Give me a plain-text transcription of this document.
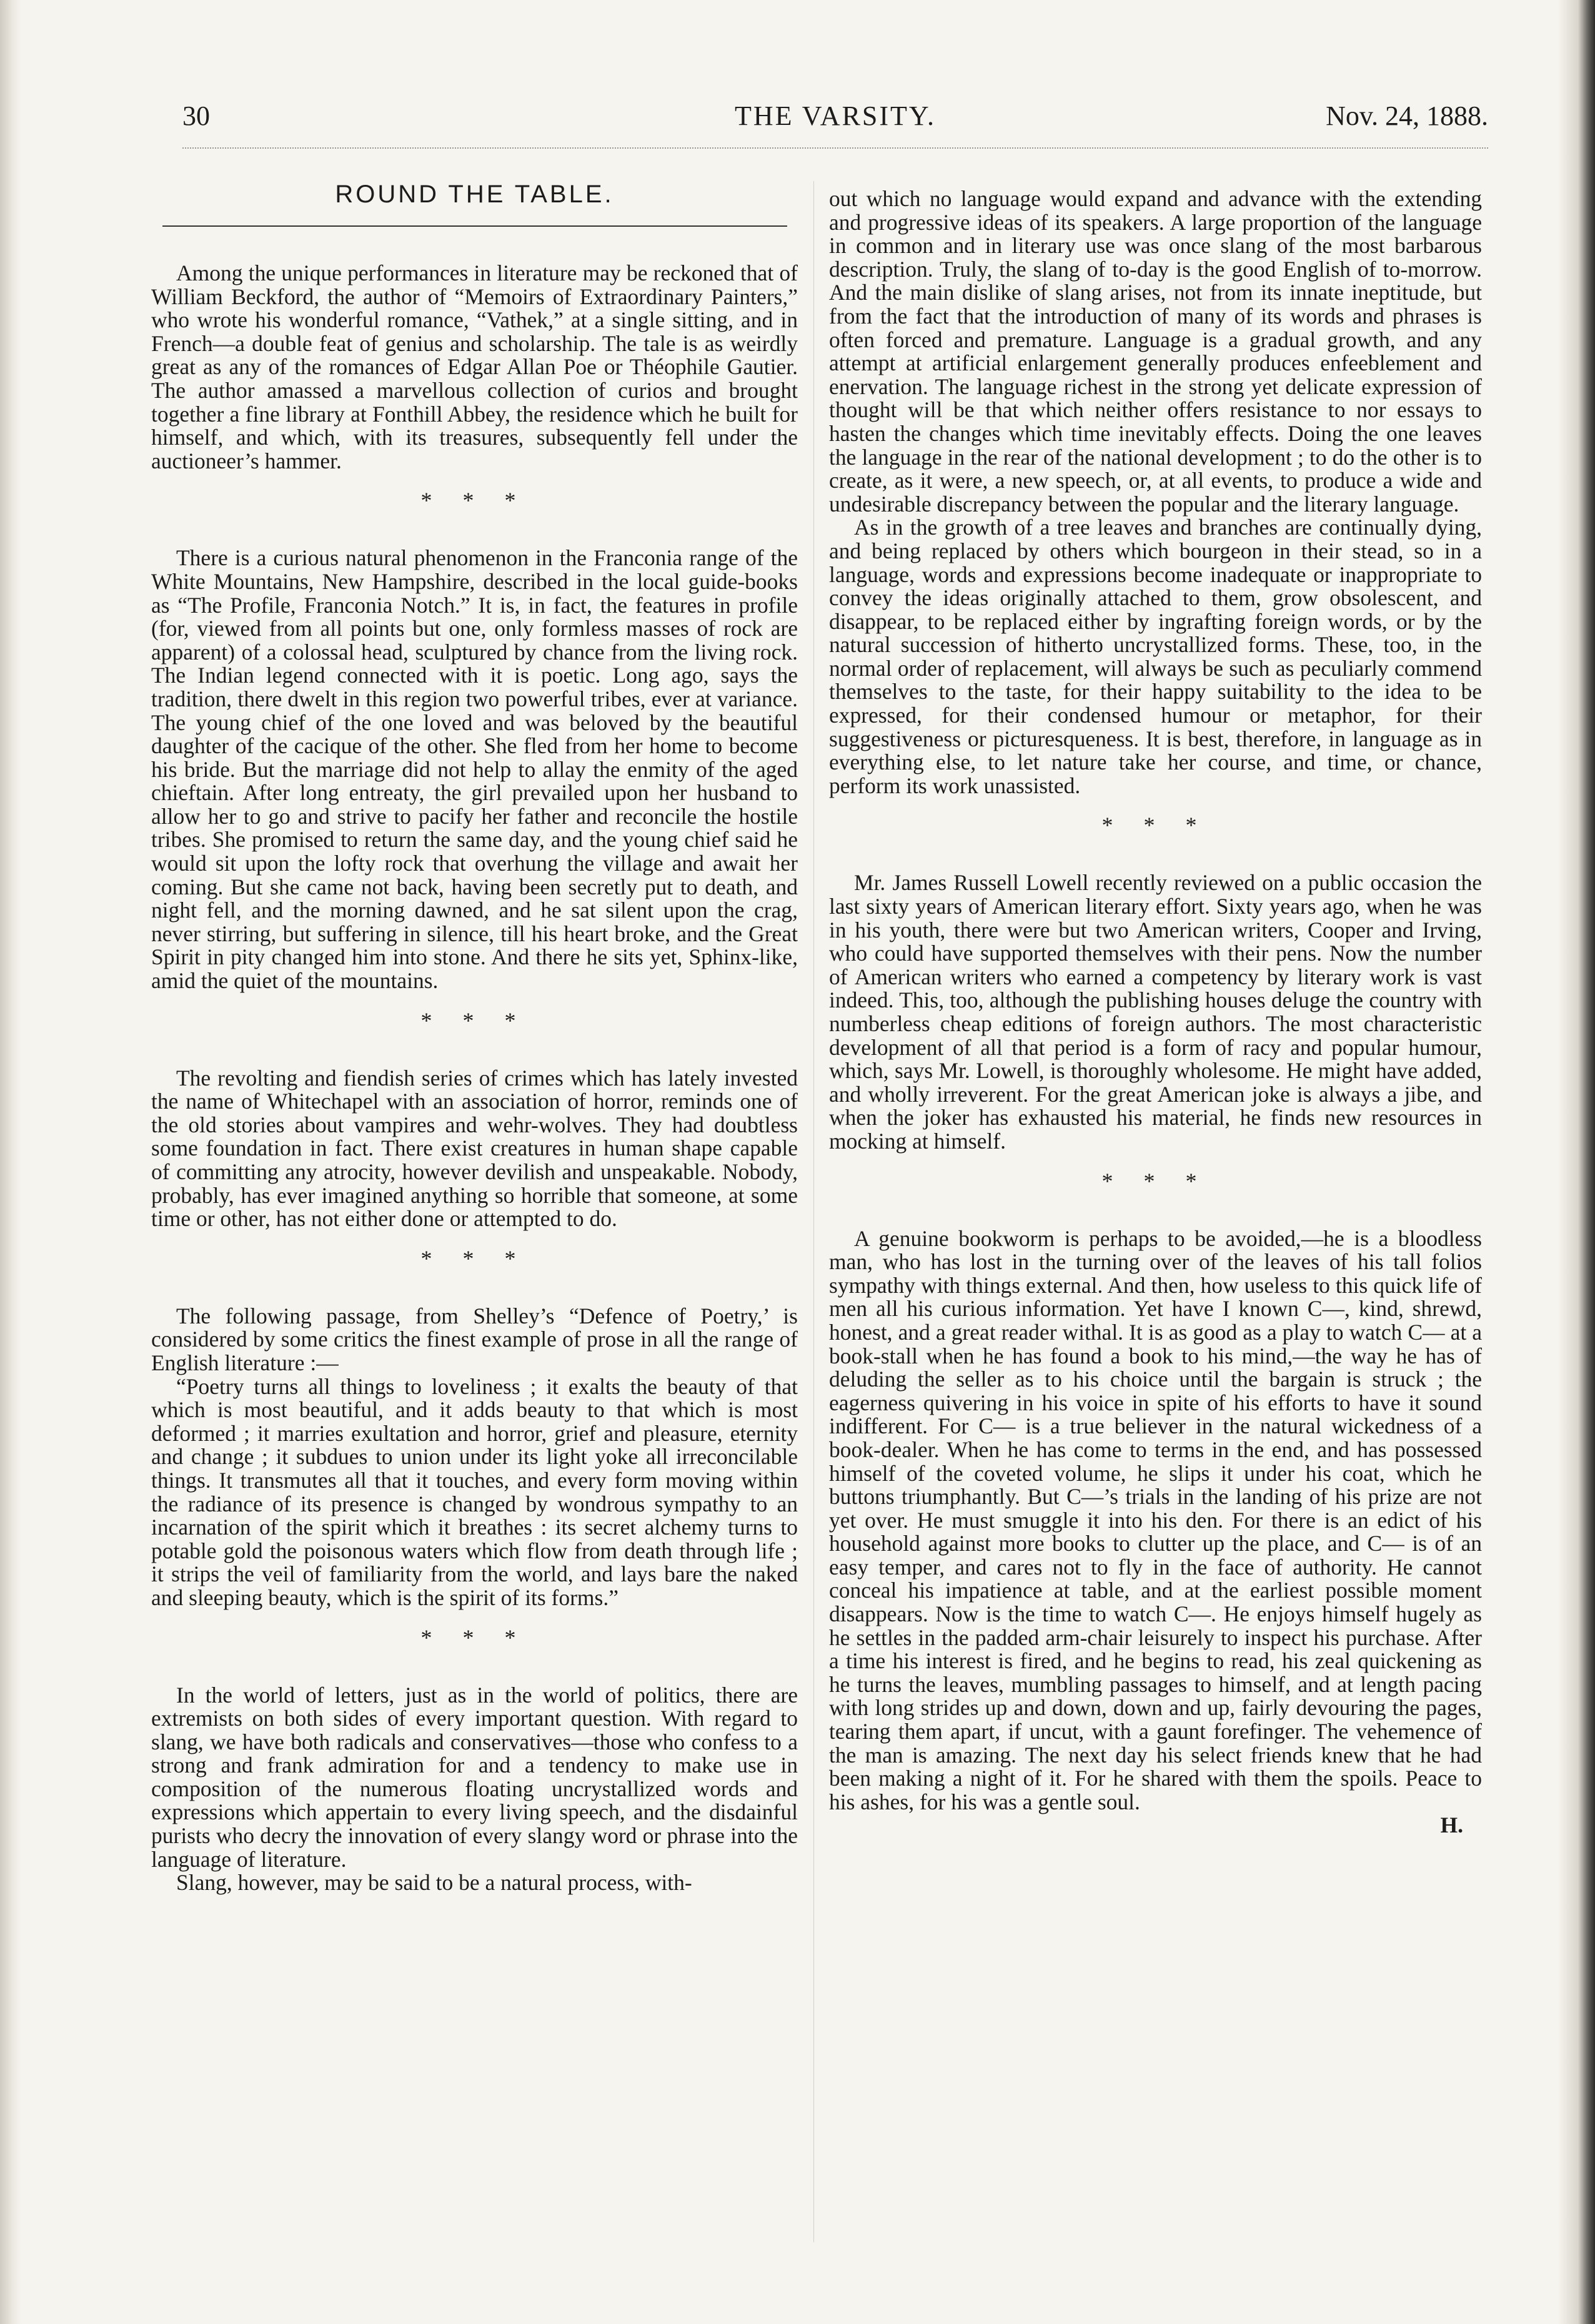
30	THE VARSITY.	Nov. 24, 1888.
ROUND THE TABLE.

Among the unique performances in literature may be reckoned that of William Beckford, the author of “Memoirs of Extraordinary Painters,” who wrote his wonderful romance, “Vathek,” at a single sitting, and in French—a double feat of genius and scholarship. The tale is as weirdly great as any of the romances of Edgar Allan Poe or Théophile Gautier. The author amassed a marvellous collection of curios and brought together a fine library at Fonthill Abbey, the residence which he built for himself, and which, with its treasures, subsequently fell under the auctioneer’s hammer.

* * *

There is a curious natural phenomenon in the Franconia range of the White Mountains, New Hampshire, described in the local guide-books as “The Profile, Franconia Notch.” It is, in fact, the features in profile (for, viewed from all points but one, only formless masses of rock are apparent) of a colossal head, sculptured by chance from the living rock. The Indian legend connected with it is poetic. Long ago, says the tradition, there dwelt in this region two powerful tribes, ever at variance. The young chief of the one loved and was beloved by the beautiful daughter of the cacique of the other. She fled from her home to become his bride. But the marriage did not help to allay the enmity of the aged chieftain. After long entreaty, the girl prevailed upon her husband to allow her to go and strive to pacify her father and reconcile the hostile tribes. She promised to return the same day, and the young chief said he would sit upon the lofty rock that overhung the village and await her coming. But she came not back, having been secretly put to death, and night fell, and the morning dawned, and he sat silent upon the crag, never stirring, but suffering in silence, till his heart broke, and the Great Spirit in pity changed him into stone. And there he sits yet, Sphinx-like, amid the quiet of the mountains.

* * *

The revolting and fiendish series of crimes which has lately invested the name of Whitechapel with an association of horror, reminds one of the old stories about vampires and wehr-wolves. They had doubtless some foundation in fact. There exist creatures in human shape capable of committing any atrocity, however devilish and unspeakable. Nobody, probably, has ever imagined anything so horrible that someone, at some time or other, has not either done or attempted to do.

* * *

The following passage, from Shelley’s “Defence of Poetry,’ is considered by some critics the finest example of prose in all the range of English literature :—

“Poetry turns all things to loveliness ; it exalts the beauty of that which is most beautiful, and it adds beauty to that which is most deformed ; it marries exultation and horror, grief and pleasure, eternity and change ; it subdues to union under its light yoke all irreconcilable things. It transmutes all that it touches, and every form moving within the radiance of its presence is changed by wondrous sympathy to an incarnation of the spirit which it breathes : its secret alchemy turns to potable gold the poisonous waters which flow from death through life ; it strips the veil of familiarity from the world, and lays bare the naked and sleeping beauty, which is the spirit of its forms.”

* * *

In the world of letters, just as in the world of politics, there are extremists on both sides of every important question. With regard to slang, we have both radicals and conservatives—those who confess to a strong and frank admiration for and a tendency to make use in composition of the numerous floating uncrystallized words and expressions which appertain to every living speech, and the disdainful purists who decry the innovation of every slangy word or phrase into the language of literature.

Slang, however, may be said to be a natural process, with-

out which no language would expand and advance with the extending and progressive ideas of its speakers. A large proportion of the language in common and in literary use was once slang of the most barbarous description. Truly, the slang of to-day is the good English of to-morrow. And the main dislike of slang arises, not from its innate ineptitude, but from the fact that the introduction of many of its words and phrases is often forced and premature. Language is a gradual growth, and any attempt at artificial enlargement generally produces enfeeblement and enervation. The language richest in the strong yet delicate expression of thought will be that which neither offers resistance to nor essays to hasten the changes which time inevitably effects. Doing the one leaves the language in the rear of the national development ; to do the other is to create, as it were, a new speech, or, at all events, to produce a wide and undesirable discrepancy between the popular and the literary language.

As in the growth of a tree leaves and branches are continually dying, and being replaced by others which bourgeon in their stead, so in a language, words and expressions become inadequate or inappropriate to convey the ideas originally attached to them, grow obsolescent, and disappear, to be replaced either by ingrafting foreign words, or by the natural succession of hitherto uncrystallized forms. These, too, in the normal order of replacement, will always be such as peculiarly commend themselves to the taste, for their happy suitability to the idea to be expressed, for their condensed humour or metaphor, for their suggestiveness or picturesqueness. It is best, therefore, in language as in everything else, to let nature take her course, and time, or chance, perform its work unassisted.

* * *

Mr. James Russell Lowell recently reviewed on a public occasion the last sixty years of American literary effort. Sixty years ago, when he was in his youth, there were but two American writers, Cooper and Irving, who could have supported themselves with their pens. Now the number of American writers who earned a competency by literary work is vast indeed. This, too, although the publishing houses deluge the country with numberless cheap editions of foreign authors. The most characteristic development of all that period is a form of racy and popular humour, which, says Mr. Lowell, is thoroughly wholesome. He might have added, and wholly irreverent. For the great American joke is always a jibe, and when the joker has exhausted his material, he finds new resources in mocking at himself.

* * *

A genuine bookworm is perhaps to be avoided,—he is a bloodless man, who has lost in the turning over of the leaves of his tall folios sympathy with things external. And then, how useless to this quick life of men all his curious information. Yet have I known C—, kind, shrewd, honest, and a great reader withal. It is as good as a play to watch C— at a book-stall when he has found a book to his mind,—the way he has of deluding the seller as to his choice until the bargain is struck ; the eagerness quivering in his voice in spite of his efforts to have it sound indifferent. For C— is a true believer in the natural wickedness of a book-dealer. When he has come to terms in the end, and has possessed himself of the coveted volume, he slips it under his coat, which he buttons triumphantly. But C—’s trials in the landing of his prize are not yet over. He must smuggle it into his den. For there is an edict of his household against more books to clutter up the place, and C— is of an easy temper, and cares not to fly in the face of authority. He cannot conceal his impatience at table, and at the earliest possible moment disappears. Now is the time to watch C—. He enjoys himself hugely as he settles in the padded arm-chair leisurely to inspect his purchase. After a time his interest is fired, and he begins to read, his zeal quickening as he turns the leaves, mumbling passages to himself, and at length pacing with long strides up and down, down and up, fairly devouring the pages, tearing them apart, if uncut, with a gaunt forefinger. The vehemence of the man is amazing. The next day his select friends knew that he had been making a night of it. For he shared with them the spoils. Peace to his ashes, for his was a gentle soul.

H.
